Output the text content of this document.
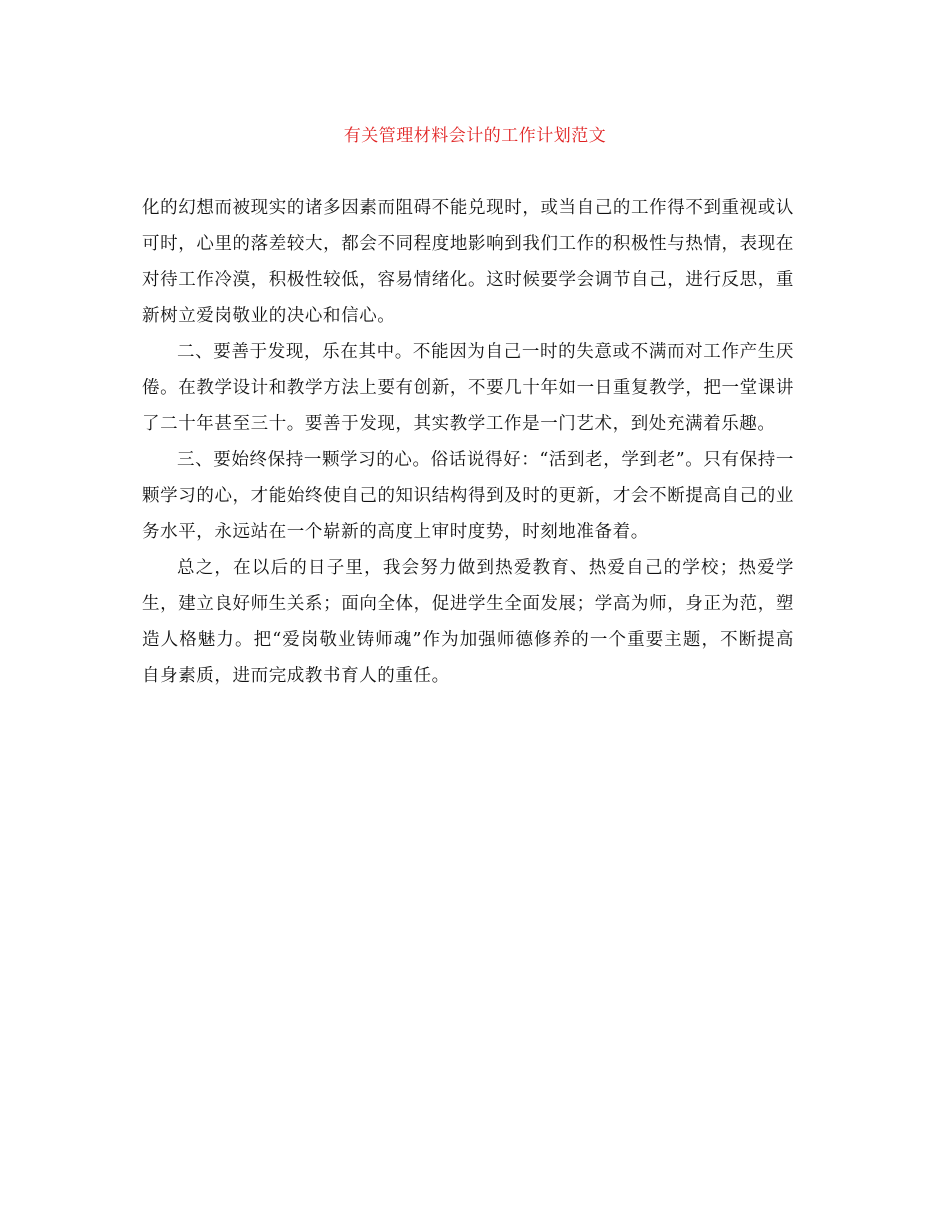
有关管理材料会计的工作计划范文

化的幻想而被现实的诸多因素而阻碍不能兑现时，或当自己的工作得不到重视或认可时，心里的落差较大，都会不同程度地影响到我们工作的积极性与热情，表现在对待工作冷漠，积极性较低，容易情绪化。这时候要学会调节自己，进行反思，重新树立爱岗敬业的决心和信心。

二、要善于发现，乐在其中。不能因为自己一时的失意或不满而对工作产生厌倦。在教学设计和教学方法上要有创新，不要几十年如一日重复教学，把一堂课讲了二十年甚至三十。要善于发现，其实教学工作是一门艺术，到处充满着乐趣。

三、要始终保持一颗学习的心。俗话说得好：“活到老，学到老”。只有保持一颗学习的心，才能始终使自己的知识结构得到及时的更新，才会不断提高自己的业务水平，永远站在一个崭新的高度上审时度势，时刻地准备着。

总之，在以后的日子里，我会努力做到热爱教育、热爱自己的学校；热爱学生，建立良好师生关系；面向全体，促进学生全面发展；学高为师，身正为范，塑造人格魅力。把“爱岗敬业铸师魂”作为加强师德修养的一个重要主题，不断提高自身素质，进而完成教书育人的重任。
